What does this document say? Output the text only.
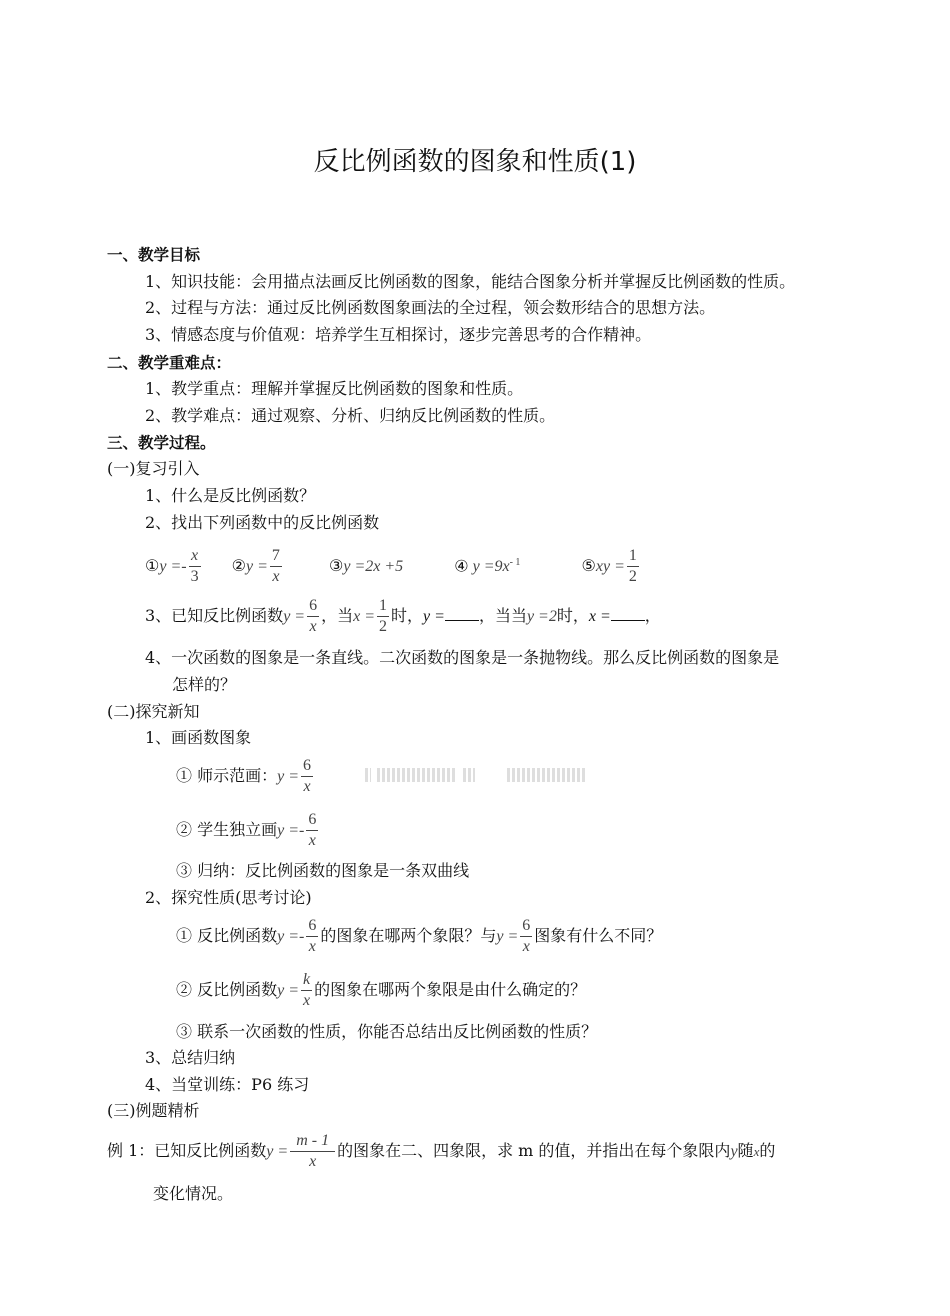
反比例函数的图象和性质(1)
一、教学目标
1、知识技能：会用描点法画反比例函数的图象，能结合图象分析并掌握反比例函数的性质。
2、过程与方法：通过反比例函数图象画法的全过程，领会数形结合的思想方法。
3、情感态度与价值观：培养学生互相探讨，逐步完善思考的合作精神。
二、教学重难点：
1、教学重点：理解并掌握反比例函数的图象和性质。
2、教学难点：通过观察、分析、归纳反比例函数的性质。
三、教学过程。
(一)复习引入
1、什么是反比例函数？
2、找出下列函数中的反比例函数
①y =- $\frac{x}{3}$ ②y = $\frac{7}{x}$	③y =2x +5	④ $y =9x^{- 1}$	⑤xy = $\frac{1}{2}$
3、已知反比例函数$y = \frac{6}{x}$ ，当$x = \frac{1}{2}$ 时，y = ，当当y =2时，x = ，
4、一次函数的图象是一条直线。二次函数的图象是一条抛物线。那么反比例函数的图象是
怎样的？
(二)探究新知
1、画函数图象
① 师示范画：$y = \frac{6}{x}$
② 学生独立画$y =- \frac{6}{x}$
③ 归纳：反比例函数的图象是一条双曲线
2、探究性质(思考讨论)
① 反比例函数$y =- \frac{6}{x}$ 的图象在哪两个象限？与$y = \frac{6}{x}$ 图象有什么不同？
② 反比例函数$y = \frac{k}{x}$ 的图象在哪两个象限是由什么确定的？
③ 联系一次函数的性质，你能否总结出反比例函数的性质？
3、总结归纳
4、当堂训练：P6 练习
(三)例题精析
例 1：已知反比例函数$y = \frac{m - 1}{x}$ 的图象在二、四象限，求 m 的值，并指出在每个象限内y随x的
变化情况。
